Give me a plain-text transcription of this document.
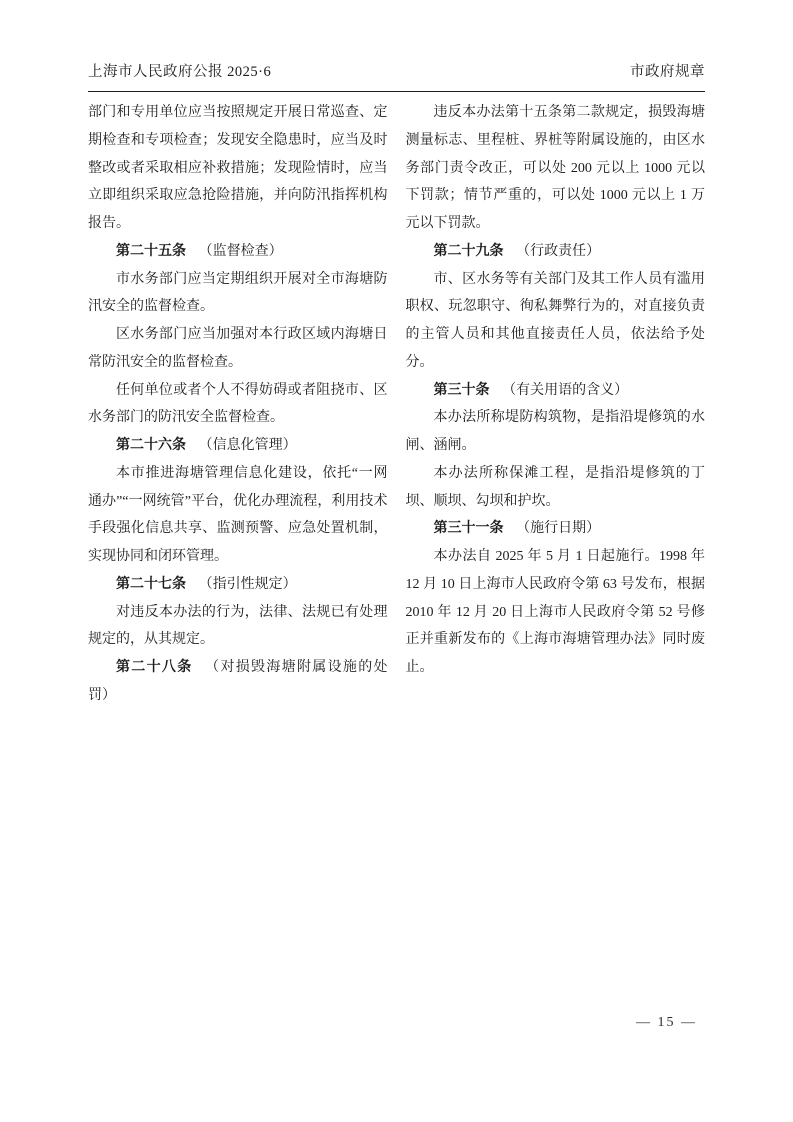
上海市人民政府公报 2025·6	市政府规章

部门和专用单位应当按照规定开展日常巡查、定期检查和专项检查；发现安全隐患时，应当及时整改或者采取相应补救措施；发现险情时，应当立即组织采取应急抢险措施，并向防汛指挥机构报告。

第二十五条 （监督检查）

市水务部门应当定期组织开展对全市海塘防汛安全的监督检查。

区水务部门应当加强对本行政区域内海塘日常防汛安全的监督检查。

任何单位或者个人不得妨碍或者阻挠市、区水务部门的防汛安全监督检查。

第二十六条 （信息化管理）

本市推进海塘管理信息化建设，依托“一网通办”“一网统管”平台，优化办理流程，利用技术手段强化信息共享、监测预警、应急处置机制，实现协同和闭环管理。

第二十七条 （指引性规定）

对违反本办法的行为，法律、法规已有处理规定的，从其规定。

第二十八条 （对损毁海塘附属设施的处罚）

违反本办法第十五条第二款规定，损毁海塘测量标志、里程桩、界桩等附属设施的，由区水务部门责令改正，可以处 200 元以上 1000 元以下罚款；情节严重的，可以处 1000 元以上 1 万元以下罚款。

第二十九条 （行政责任）

市、区水务等有关部门及其工作人员有滥用职权、玩忽职守、徇私舞弊行为的，对直接负责的主管人员和其他直接责任人员，依法给予处分。

第三十条 （有关用语的含义）

本办法所称堤防构筑物，是指沿堤修筑的水闸、涵闸。

本办法所称保滩工程，是指沿堤修筑的丁坝、顺坝、勾坝和护坎。

第三十一条 （施行日期）

本办法自 2025 年 5 月 1 日起施行。1998 年 12 月 10 日上海市人民政府令第 63 号发布，根据 2010 年 12 月 20 日上海市人民政府令第 52 号修正并重新发布的《上海市海塘管理办法》同时废止。

— 15 —
